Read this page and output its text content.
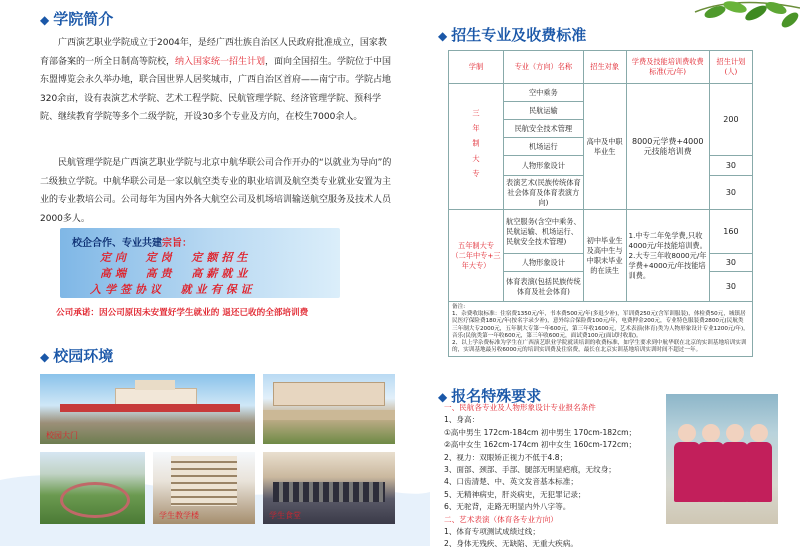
◆ 学院简介
广西演艺职业学院成立于2004年，是经广西壮族自治区人民政府批准成立，国家教育部备案的一所全日制高等院校，纳入国家统一招生计划，面向全国招生。学院位于中国东盟博览会永久举办地，联合国世界人居奖城市，广西自治区首府——南宁市。学院占地320余亩，设有表演艺术学院、艺术工程学院、民航管理学院、经济管理学院、预科学院、继续教育学院等多个二级学院，开设30多个专业及方向，在校生7000余人。
民航管理学院是广西演艺职业学院与北京中航华联公司合作开办的“以就业为导向”的二级独立学院。中航华联公司是一家以航空类专业的职业培训及航空类专业就业安置为主业的专业教培公司。公司每年为国内外各大航空公司及机场培训输送航空服务及技术人员2000多人。
校企合作、专业共建宗旨：
定向  定岗  定额招生
高端  高贵  高薪就业
入学签协议  就业有保证
公司承诺：因公司原因未安置好学生就业的 退还已收的全部培训费
◆ 校园环境
校园大门
学生教学楼	学生食堂
◆ 招生专业及收费标准
学制	专业（方向）名称	招生对象	学费及技能培训费收费标准(元/年)	招生计划(人)
三年制大专	空中乘务	高中及中职毕业生	8000元学费+4000元技能培训费	200
	民航运输			
	民航安全技术管理			
	机场运行			
	人物形象设计			30
	表演艺术(民族传统体育社会体育及体育表演方向)			30
五年制大专（二年中专+三年大专）	航空服务(含空中乘务、民航运输、机场运行、民航安全技术管理)	初中毕业生及高中生与中职未毕业的在读生	1.中专二年免学费,只收4000元/年技能培训费。2.大专三年收8000元/年学费+4000元/年技能培训费。	160
	人物形象设计			30
	体育表演(包括民族传统体育及社会体育)			30

备注:
1、杂费收取标准：住宿费1350元/年，书本费500元/年(多退少补)，军训费250元(含军训服装)，体检费50元，城镇居民医疗保险费180元/年(按名字录少补)，意外综合保险费100元/年，电费押金200元，专业特色服装费2800元(民航类三年制大专2000元，五年制大专第一年600元，第三年收1600元，艺术表演(体育)类为人物形象设计专业1200元/年)，音乐(民航类第一年收600元，第三年收600元，面试费100元(面试时收取)。
2、以上学杂费标准为学生在广西演艺职业学院就读培训的收费标准，如学生要求到中航华联在北京的实训基地培训实训的，实训基地最另收6000元的培训实训费及住宿费，最长在北京实训基地培训实训时间不超过一年。				
◆ 报名特殊要求
一、民航各专业及人物形象设计专业报名条件
1、身高：
①高中男生 172cm-184cm 初中男生 170cm-182cm；
②高中女生 162cm-174cm 初中女生 160cm-172cm；
2、视力：双眼矫正视力不低于4.8；
3、面部、颈部、手部、腿部无明显疤痕，无纹身；
4、口齿清楚、中、英文发音基本标准；
5、无精神病史，肝炎病史，无犯罪记录；
6、无驼背，走路无明显内外八字等。
二、艺术表演（体育各专业方向）
1、体育专项测试成绩过线；
2、身体无残疾、无缺陷、无重大疾病。
